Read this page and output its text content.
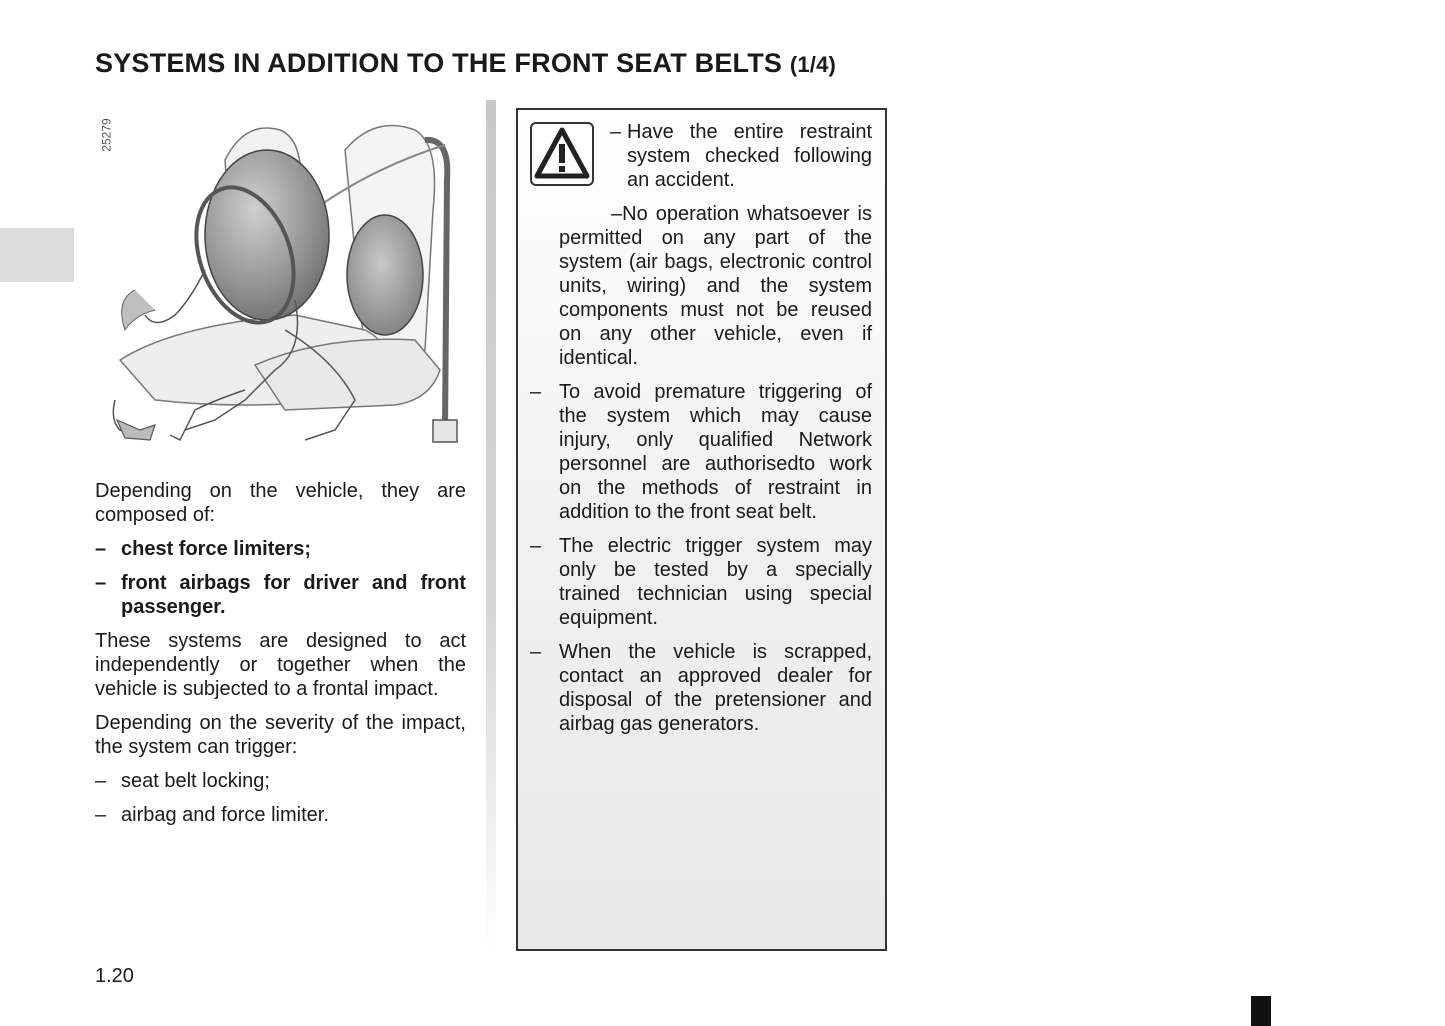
SYSTEMS IN ADDITION TO THE FRONT SEAT BELTS (1/4)
25279

Depending on the vehicle, they are composed of:

– chest force limiters;
– front airbags for driver and front passenger.

These systems are designed to act independently or together when the vehicle is subjected to a frontal impact.

Depending on the severity of the impact, the system can trigger:

– seat belt locking;
– airbag and force limiter.
– Have the entire restraint system checked following an accident.

–No operation whatsoever is permitted on any part of the system (air bags, electronic control units, wiring) and the system components must not be reused on any other vehicle, even if identical.

– To avoid premature triggering of the system which may cause injury, only qualified Network personnel are authorisedto work on the methods of restraint in addition to the front seat belt.
– The electric trigger system may only be tested by a specially trained technician using special equipment.
– When the vehicle is scrapped, contact an approved dealer for disposal of the pretensioner and airbag gas generators.
1.20
